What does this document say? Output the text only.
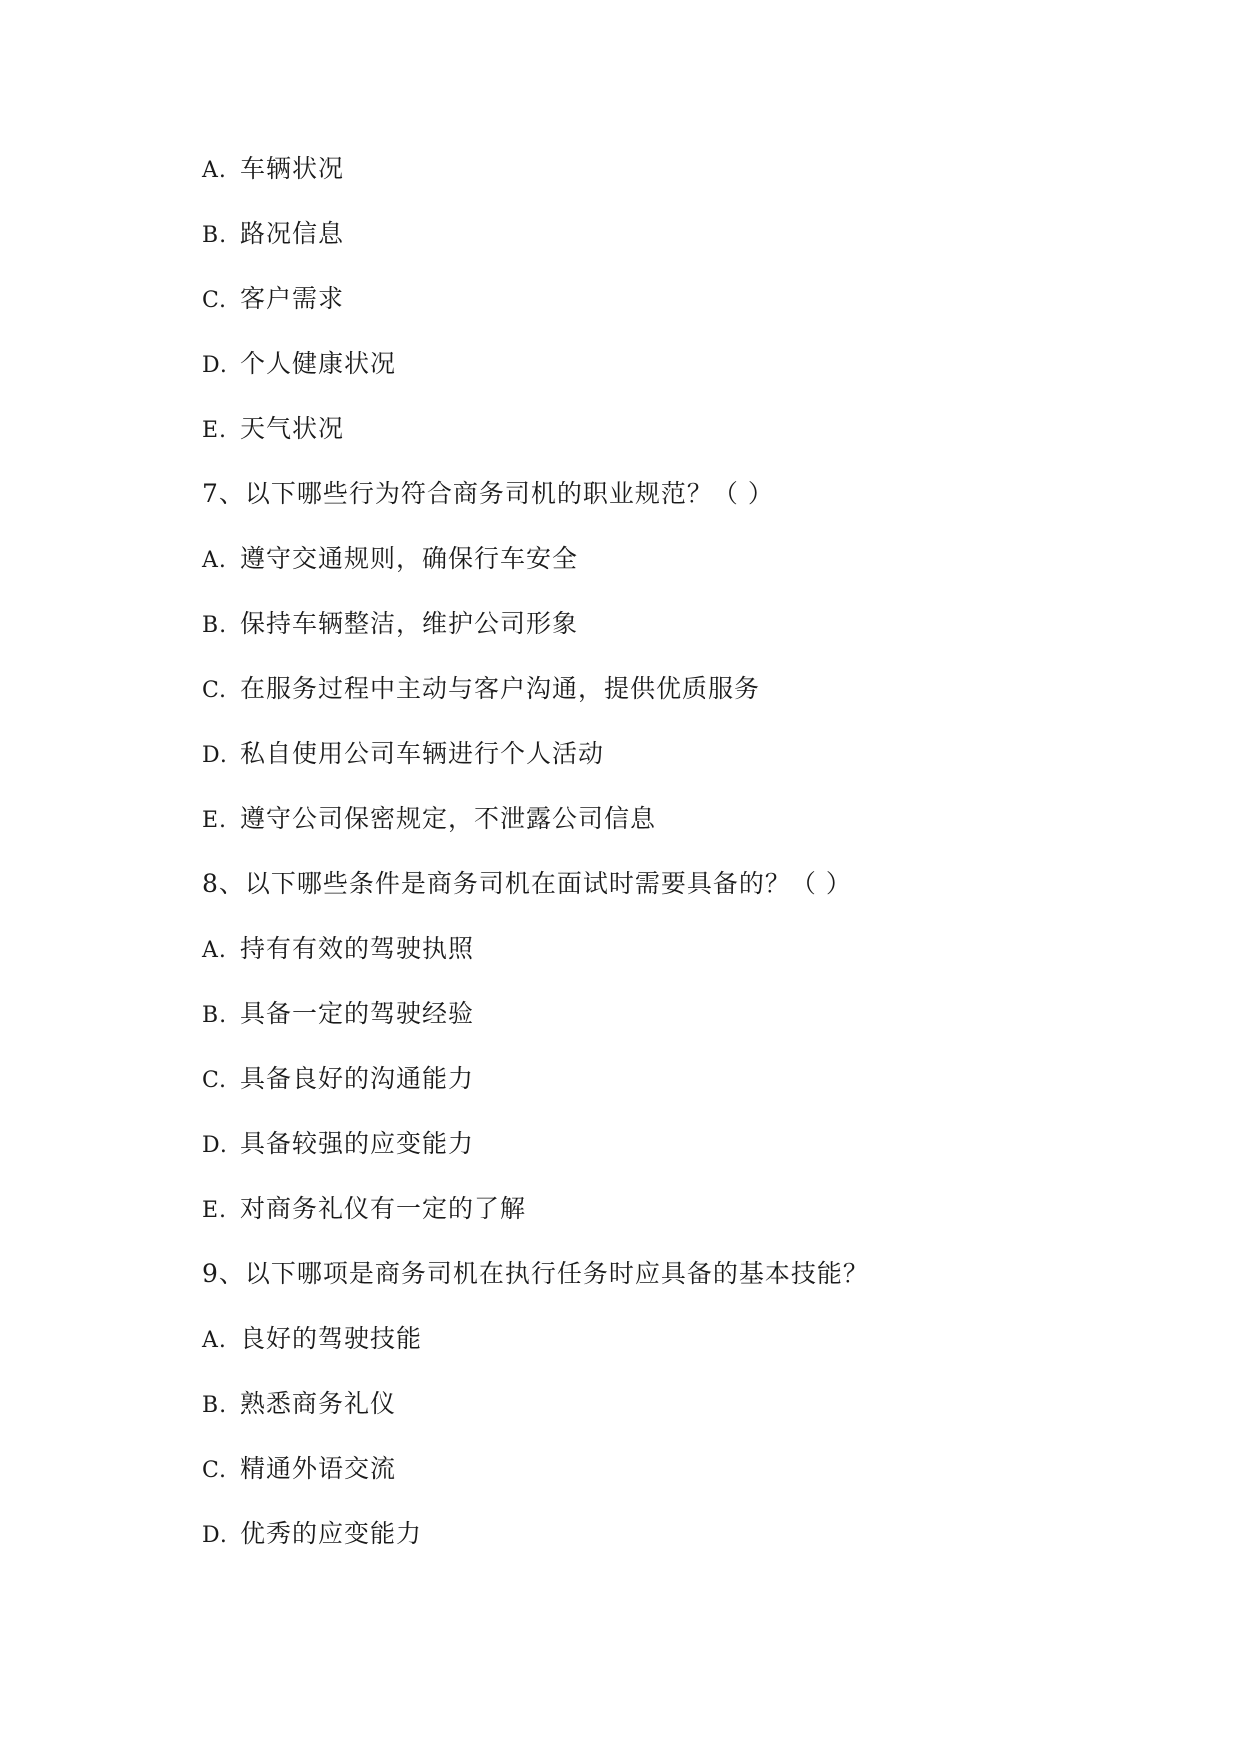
A. 车辆状况
B. 路况信息
C. 客户需求
D. 个人健康状况
E. 天气状况
7、以下哪些行为符合商务司机的职业规范？（ ）
A. 遵守交通规则，确保行车安全
B. 保持车辆整洁，维护公司形象
C. 在服务过程中主动与客户沟通，提供优质服务
D. 私自使用公司车辆进行个人活动
E. 遵守公司保密规定，不泄露公司信息
8、以下哪些条件是商务司机在面试时需要具备的？（ ）
A. 持有有效的驾驶执照
B. 具备一定的驾驶经验
C. 具备良好的沟通能力
D. 具备较强的应变能力
E. 对商务礼仪有一定的了解
9、以下哪项是商务司机在执行任务时应具备的基本技能？
A. 良好的驾驶技能
B. 熟悉商务礼仪
C. 精通外语交流
D. 优秀的应变能力
